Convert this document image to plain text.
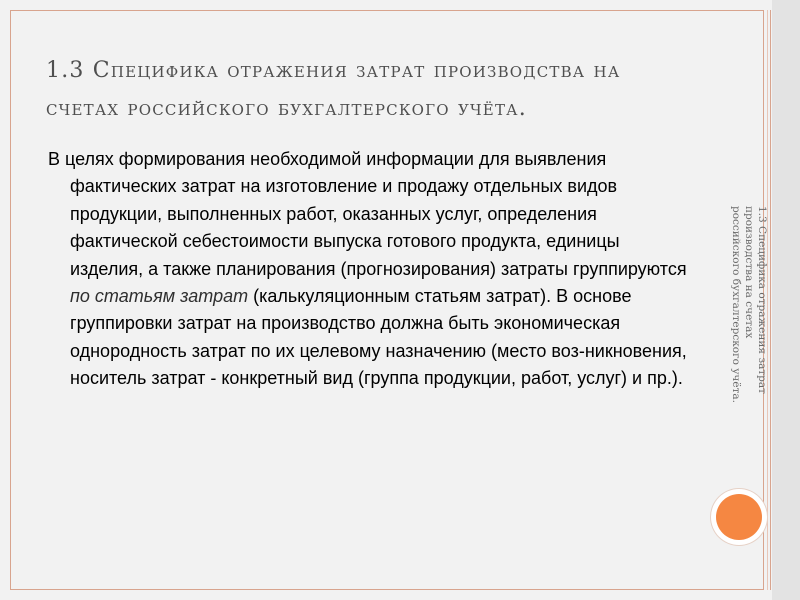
1.3 Специфика отражения затрат производства на счетах российского бухгалтерского учёта.

В целях формирования необходимой информации для выявления фактических затрат на изготовление и продажу отдельных видов продукции, выполненных работ, оказанных услуг, определения фактической себестоимости выпуска готового продукта, единицы изделия, а также планирования (прогнозирования) затраты группируются по статьям затрат (калькуляционным статьям затрат). В основе группировки затрат на производство должна быть экономическая однородность затрат по их целевому назначению (место воз-никновения, носитель затрат - конкретный вид (группа продукции, работ, услуг) и пр.).	1.3 Специфика отражения затрат производства на счетах российского бухгалтерского учёта.
